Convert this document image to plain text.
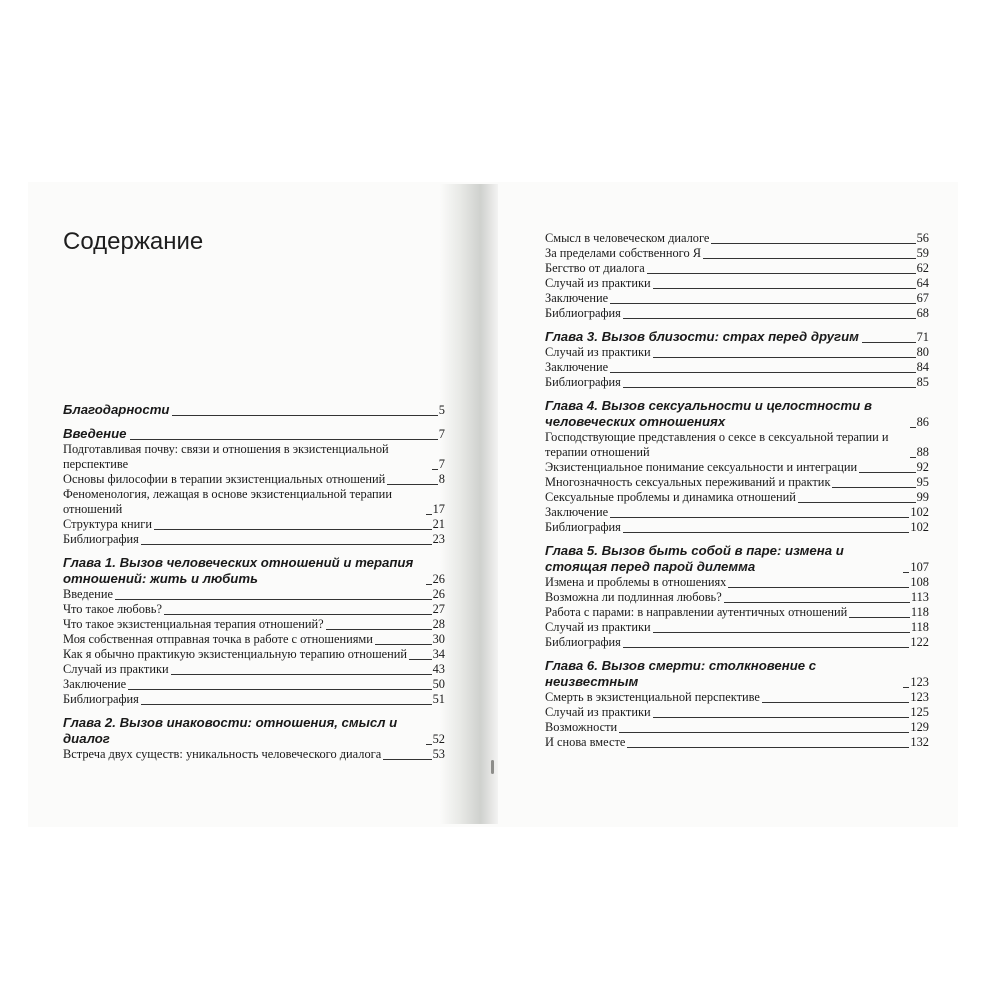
Содержание
Благодарности	5
Введение	7
Подготавливая почву: связи и отношения в экзистенциальной перспективе	7
Основы философии в терапии экзистенциальных отношений	8
Феноменология, лежащая в основе экзистенциальной терапии отношений	17
Структура книги	21
Библиография	23
Глава 1. Вызов человеческих отношений и терапия отношений: жить и любить	26
Введение	26
Что такое любовь?	27
Что такое экзистенциальная терапия отношений?	28
Моя собственная отправная точка в работе с отношениями	30
Как я обычно практикую экзистенциальную терапию отношений 34
Случай из практики	43
Заключение	50
Библиография	51
Глава 2. Вызов инаковости: отношения, смысл и диалог	52
Встреча двух существ: уникальность человеческого диалога	53
Смысл в человеческом диалоге	56
За пределами собственного Я	59
Бегство от диалога	62
Случай из практики	64
Заключение	67
Библиография	68
Глава 3. Вызов близости: страх перед другим	71
Случай из практики	80
Заключение	84
Библиография	85
Глава 4. Вызов сексуальности и целостности в человеческих отношениях	86
Господствующие представления о сексе в сексуальной терапии и терапии отношений	88
Экзистенциальное понимание сексуальности и интеграции	92
Многозначность сексуальных переживаний и практик	95
Сексуальные проблемы и динамика отношений	99
Заключение	102
Библиография	102
Глава 5. Вызов быть собой в паре: измена и стоящая перед парой дилемма	107
Измена и проблемы в отношениях	108
Возможна ли подлинная любовь?	113
Работа с парами: в направлении аутентичных отношений	118
Случай из практики	118
Библиография	122
Глава 6. Вызов смерти: столкновение с неизвестным	123
Смерть в экзистенциальной перспективе	123
Случай из практики	125
Возможности	129
И снова вместе	132
